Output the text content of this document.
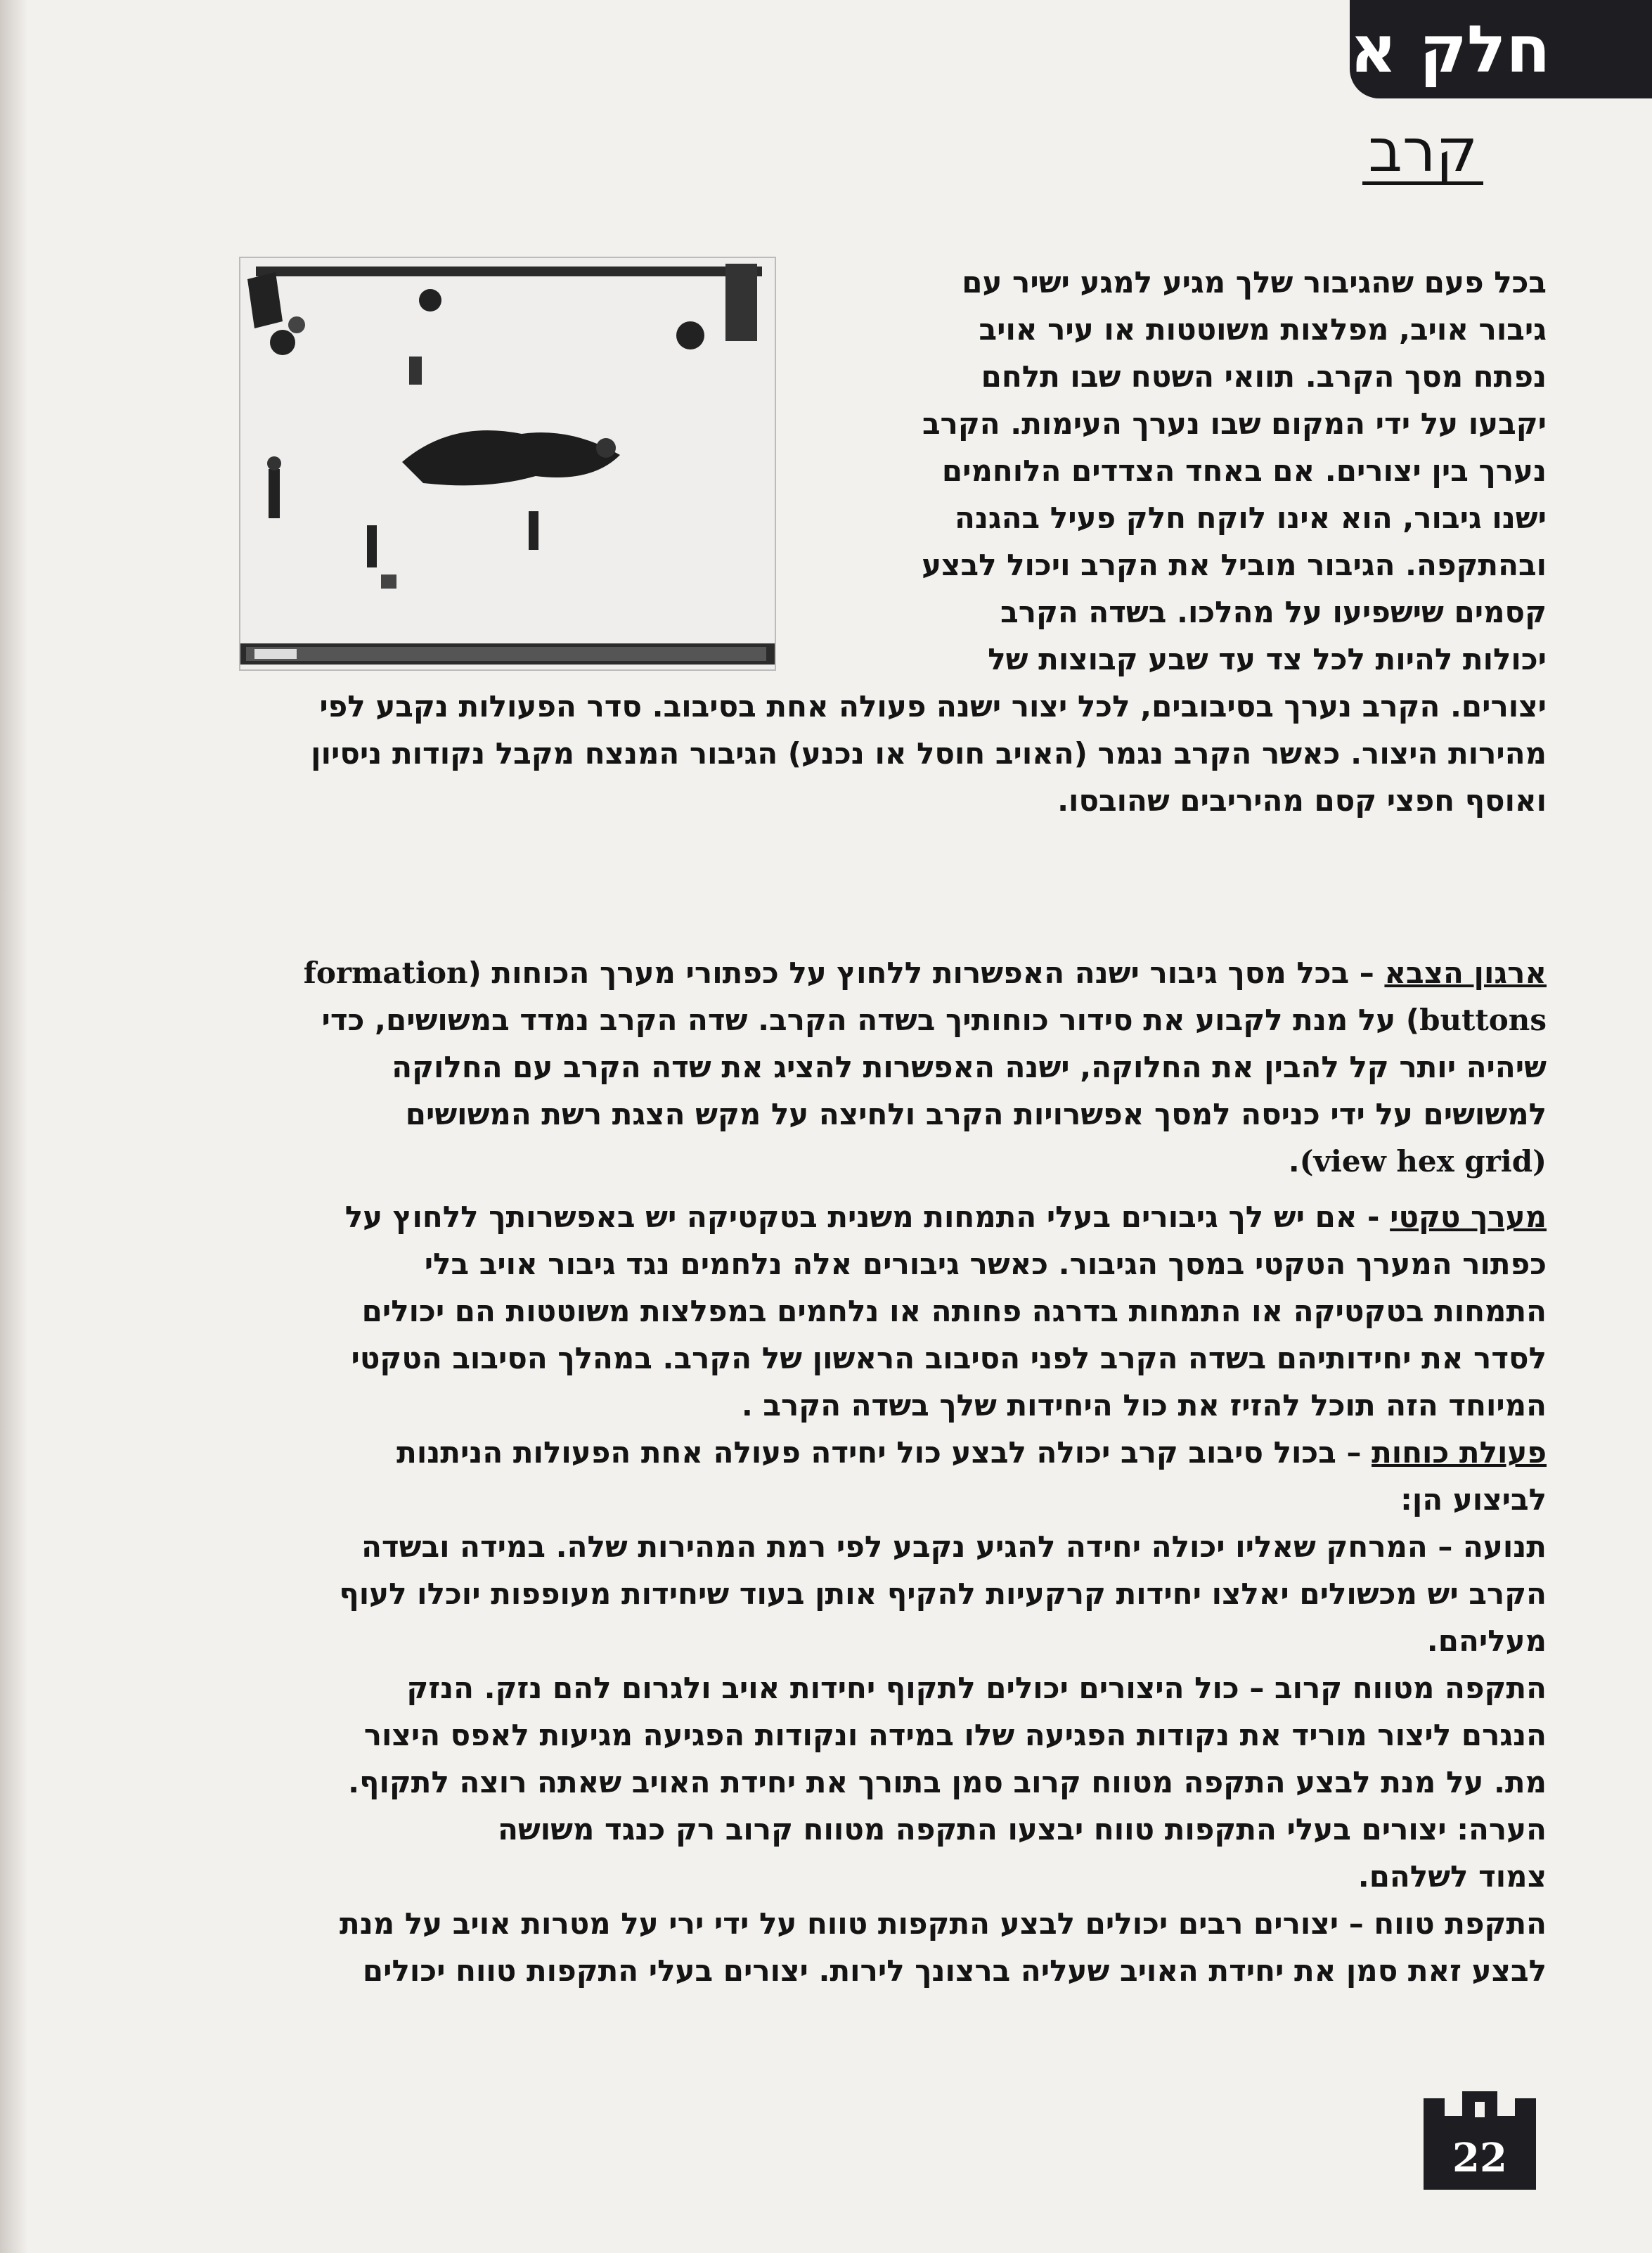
חלק א
קרב

בכל פעם שהגיבור שלך מגיע למגע ישיר עם

גיבור אויב, מפלצות משוטטות או עיר אויב

נפתח מסך הקרב. תוואי השטח שבו תלחם

יקבעו על ידי המקום שבו נערך העימות. הקרב

נערך בין יצורים. אם באחד הצדדים הלוחמים

ישנו גיבור, הוא אינו לוקח חלק פעיל בהגנה

ובהתקפה. הגיבור מוביל את הקרב ויכול לבצע

קסמים שישפיעו על מהלכו. בשדה הקרב

יכולות להיות לכל צד עד שבע קבוצות של

יצורים. הקרב נערך בסיבובים, לכל יצור ישנה פעולה אחת בסיבוב. סדר הפעולות נקבע לפי

מהירות היצור. כאשר הקרב נגמר (האויב חוסל או נכנע) הגיבור המנצח מקבל נקודות ניסיון

ואוסף חפצי קסם מהיריבים שהובסו.

ארגון הצבא – בכל מסך גיבור ישנה האפשרות ללחוץ על כפתורי מערך הכוחות (formation

buttons) על מנת לקבוע את סידור כוחותיך בשדה הקרב. שדה הקרב נמדד במשושים, כדי

שיהיה יותר קל להבין את החלוקה, ישנה האפשרות להציג את שדה הקרב עם החלוקה

למשושים על ידי כניסה למסך אפשרויות הקרב ולחיצה על מקש הצגת רשת המשושים

(view hex grid).

מערך טקטי - אם יש לך גיבורים בעלי התמחות משנית בטקטיקה יש באפשרותך ללחוץ על

כפתור המערך הטקטי במסך הגיבור. כאשר גיבורים אלה נלחמים נגד גיבור אויב בלי

התמחות בטקטיקה או התמחות בדרגה פחותה או נלחמים במפלצות משוטטות הם יכולים

לסדר את יחידותיהם בשדה הקרב לפני הסיבוב הראשון של הקרב. במהלך הסיבוב הטקטי

המיוחד הזה תוכל להזיז את כול היחידות שלך בשדה הקרב .

פעולת כוחות – בכול סיבוב קרב יכולה לבצע כול יחידה פעולה אחת הפעולות הניתנות

לביצוע הן:

תנועה – המרחק שאליו יכולה יחידה להגיע נקבע לפי רמת המהירות שלה. במידה ובשדה

הקרב יש מכשולים יאלצו יחידות קרקעיות להקיף אותן בעוד שיחידות מעופפות יוכלו לעוף

מעליהם.

התקפה מטווח קרוב – כול היצורים יכולים לתקוף יחידות אויב ולגרום להם נזק. הנזק

הנגרם ליצור מוריד את נקודות הפגיעה שלו במידה ונקודות הפגיעה מגיעות לאפס היצור

מת. על מנת לבצע התקפה מטווח קרוב סמן בתורך את יחידת האויב שאתה רוצה לתקוף.

הערה: יצורים בעלי התקפות טווח יבצעו התקפה מטווח קרוב רק כנגד משושה

צמוד לשלהם.

התקפת טווח – יצורים רבים יכולים לבצע התקפות טווח על ידי ירי על מטרות אויב על מנת

לבצע זאת סמן את יחידת האויב שעליה ברצונך לירות. יצורים בעלי התקפות טווח יכולים

22
